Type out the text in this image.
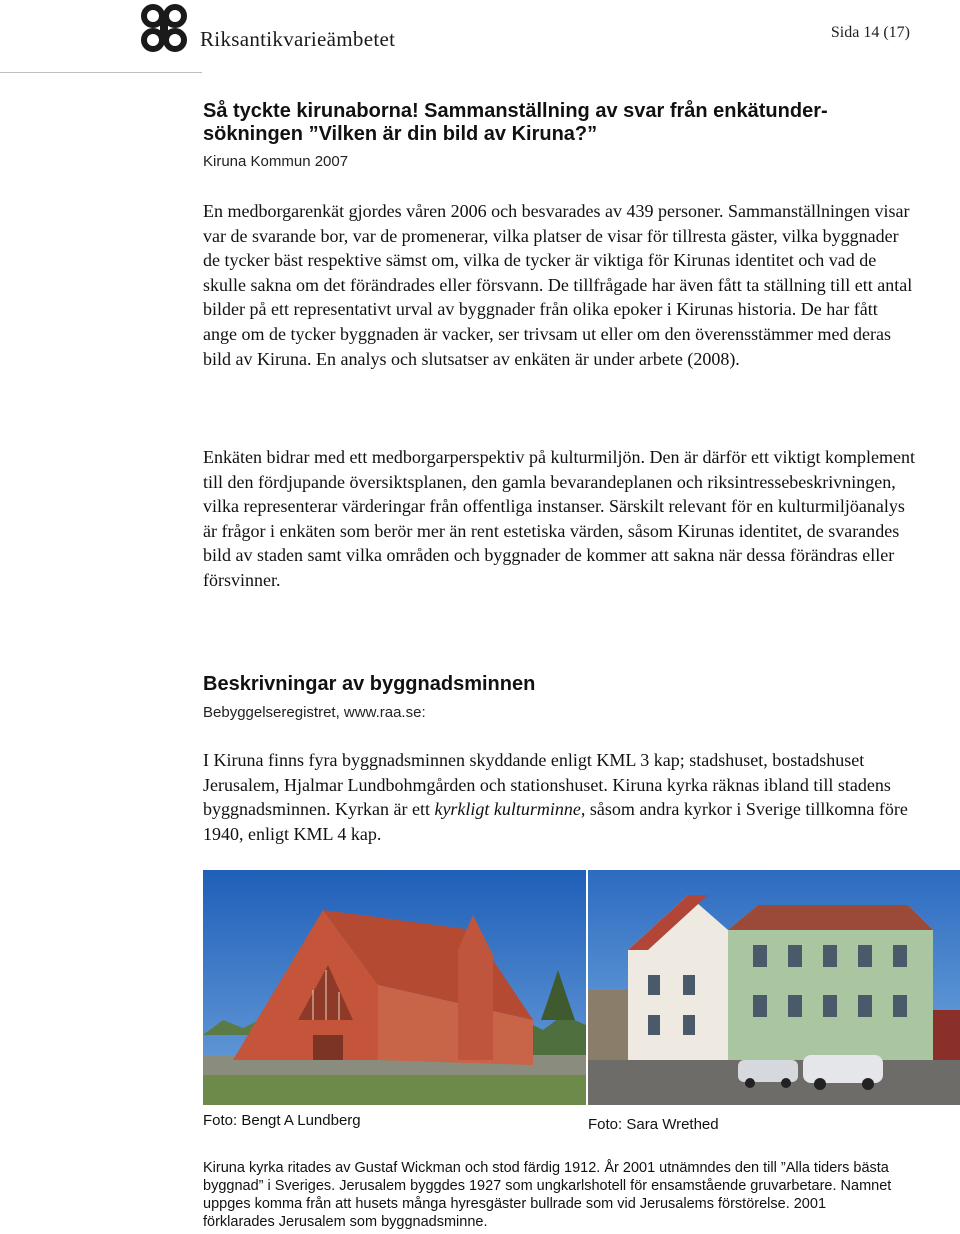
Riksantikvarieämbetet	Sida 14 (17)
Så tyckte kirunaborna! Sammanställning av svar från enkätunder-
sökningen ”Vilken är din bild av Kiruna?”
Kiruna Kommun 2007
En medborgarenkät gjordes våren 2006 och besvarades av 439 personer. Sammanställningen visar var de svarande bor, var de promenerar, vilka platser de visar för tillresta gäster, vilka byggnader de tycker bäst respektive sämst om, vilka de tycker är viktiga för Kirunas identitet och vad de skulle sakna om det förändrades eller försvann. De tillfrågade har även fått ta ställning till ett antal bilder på ett representativt urval av byggnader från olika epoker i Kirunas historia. De har fått ange om de tycker byggnaden är vacker, ser trivsam ut eller om den överensstämmer med deras bild av Kiruna. En analys och slutsatser av enkäten är under arbete (2008).
Enkäten bidrar med ett medborgarperspektiv på kulturmiljön. Den är därför ett viktigt komplement till den fördjupande översiktsplanen, den gamla bevarandeplanen och riksintressebeskrivningen, vilka representerar värderingar från offentliga instanser. Särskilt relevant för en kulturmiljöanalys är frågor i enkäten som berör mer än rent estetiska värden, såsom Kirunas identitet, de svarandes bild av staden samt vilka områden och byggnader de kommer att sakna när dessa förändras eller försvinner.
Beskrivningar av byggnadsminnen
Bebyggelseregistret, www.raa.se:
I Kiruna finns fyra byggnadsminnen skyddande enligt KML 3 kap; stadshuset, bostadshuset Jerusalem, Hjalmar Lundbohmgården och stationshuset. Kiruna kyrka räknas ibland till stadens byggnadsminnen. Kyrkan är ett kyrkligt kulturminne, såsom andra kyrkor i Sverige tillkomna före 1940, enligt KML 4 kap.
Foto: Bengt A Lundberg	Foto: Sara Wrethed
Kiruna kyrka ritades av Gustaf Wickman och stod färdig 1912. År 2001 utnämndes den till ”Alla tiders bästa byggnad” i Sveriges. Jerusalem byggdes 1927 som ungkarlshotell för ensamstående gruvarbetare. Namnet uppges komma från att husets många hyresgäster bullrade som vid Jerusalems förstörelse. 2001 förklarades Jerusalem som byggnadsminne.
